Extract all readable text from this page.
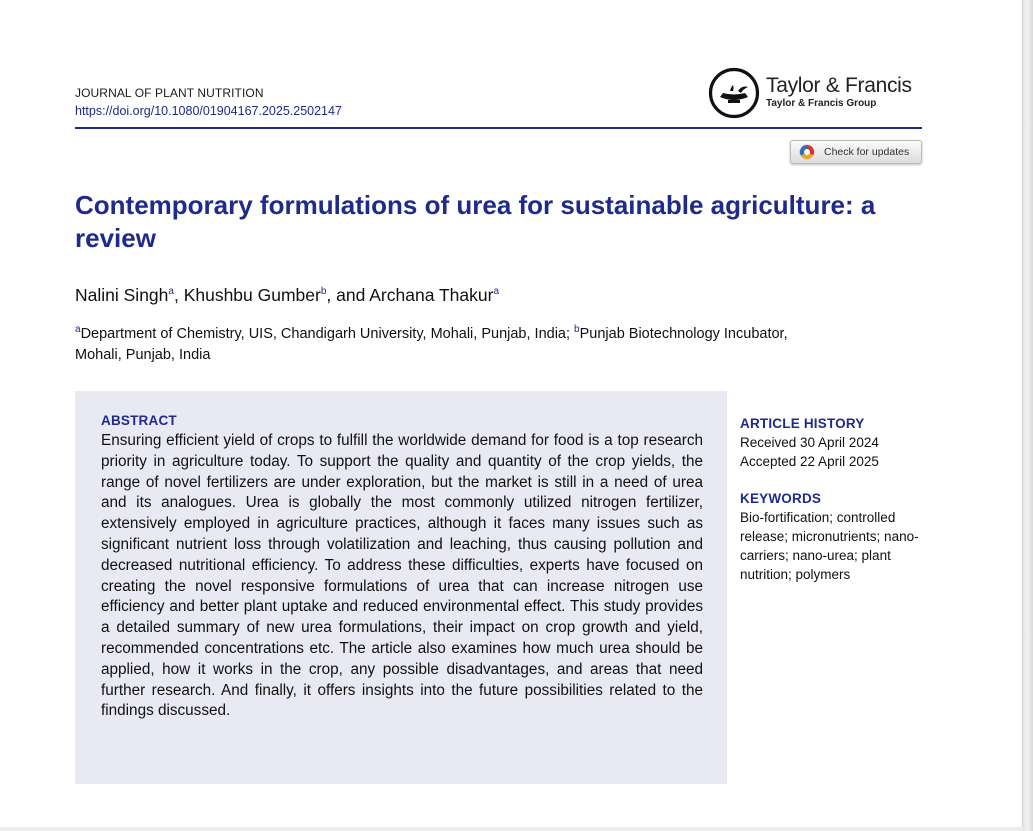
JOURNAL OF PLANT NUTRITION
https://doi.org/10.1080/01904167.2025.2502147
Taylor & Francis
Taylor & Francis Group
Check for updates
Contemporary formulations of urea for sustainable agriculture: a review
Nalini Singh$^a$, Khushbu Gumber$^b$, and Archana Thakur$^a$
$^a$Department of Chemistry, UIS, Chandigarh University, Mohali, Punjab, India; $^b$Punjab Biotechnology Incubator, Mohali, Punjab, India
ABSTRACT

Ensuring efficient yield of crops to fulfill the worldwide demand for food is a top research priority in agriculture today. To support the quality and quantity of the crop yields, the range of novel fertilizers are under exploration, but the market is still in a need of urea and its analogues. Urea is globally the most commonly utilized nitrogen fertilizer, extensively employed in agriculture practices, although it faces many issues such as significant nutrient loss through volatilization and leaching, thus causing pollution and decreased nutritional efficiency. To address these difficulties, experts have focused on creating the novel responsive formulations of urea that can increase nitrogen use efficiency and better plant uptake and reduced environmental effect. This study provides a detailed summary of new urea formulations, their impact on crop growth and yield, recommended concentrations etc. The article also examines how much urea should be applied, how it works in the crop, any possible disadvantages, and areas that need further research. And finally, it offers insights into the future possibilities related to the findings discussed.

ARTICLE HISTORY
Received 30 April 2024
Accepted 22 April 2025
KEYWORDS
Bio-fortification; controlled release; micronutrients; nano-carriers; nano-urea; plant nutrition; polymers
